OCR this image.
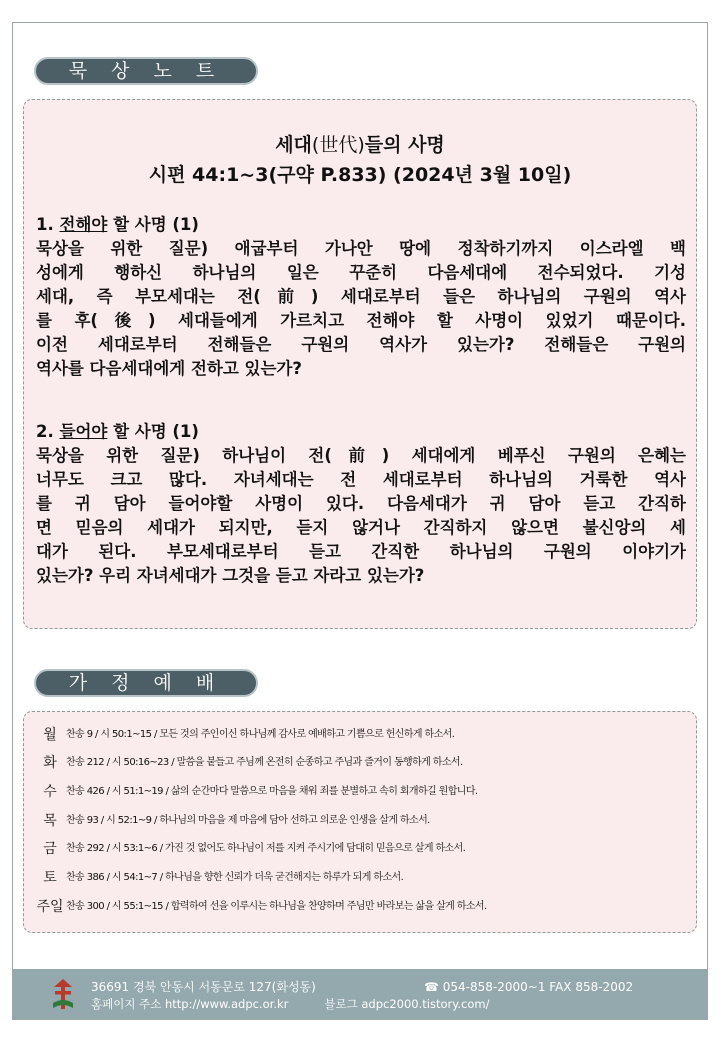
묵 상 노 트
세대(世代)들의 사명
시편 44:1~3(구약 P.833) (2024년 3월 10일)
1. 전해야 할 사명 (1)
묵상을 위한 질문) 애굽부터 가나안 땅에 정착하기까지 이스라엘 백
성에게 행하신 하나님의 일은 꾸준히 다음세대에 전수되었다. 기성
세대, 즉 부모세대는 전(前) 세대로부터 들은 하나님의 구원의 역사
를 후(後) 세대들에게 가르치고 전해야 할 사명이 있었기 때문이다.
이전 세대로부터 전해들은 구원의 역사가 있는가? 전해들은 구원의
역사를 다음세대에게 전하고 있는가?
2. 들어야 할 사명 (1)
묵상을 위한 질문) 하나님이 전(前) 세대에게 베푸신 구원의 은혜는
너무도 크고 많다. 자녀세대는 전 세대로부터 하나님의 거룩한 역사
를 귀 담아 들어야할 사명이 있다. 다음세대가 귀 담아 듣고 간직하
면 믿음의 세대가 되지만, 듣지 않거나 간직하지 않으면 불신앙의 세
대가 된다. 부모세대로부터 듣고 간직한 하나님의 구원의 이야기가
있는가? 우리 자녀세대가 그것을 듣고 자라고 있는가?
가 정 예 배
월 찬송 9 / 시 50:1~15 / 모든 것의 주인이신 하나님께 감사로 예배하고 기쁨으로 헌신하게 하소서.
화 찬송 212 / 시 50:16~23 / 말씀을 붙들고 주님께 온전히 순종하고 주님과 즐거이 동행하게 하소서.
수 찬송 426 / 시 51:1~19 / 삶의 순간마다 말씀으로 마음을 채워 죄를 분별하고 속히 회개하길 원합니다.
목 찬송 93 / 시 52:1~9 / 하나님의 마음을 제 마음에 담아 선하고 의로운 인생을 살게 하소서.
금 찬송 292 / 시 53:1~6 / 가진 것 없어도 하나님이 저를 지켜 주시기에 담대히 믿음으로 살게 하소서.
토 찬송 386 / 시 54:1~7 / 하나님을 향한 신뢰가 더욱 굳건해지는 하루가 되게 하소서.
주일 찬송 300 / 시 55:1~15 / 합력하여 선을 이루시는 하나님을 찬양하며 주님만 바라보는 삶을 살게 하소서.
36691 경북 안동시 서동문로 127(화성동)	☎ 054-858-2000~1 FAX 858-2002
홈페이지 주소 http://www.adpc.or.kr	블로그 adpc2000.tistory.com/
